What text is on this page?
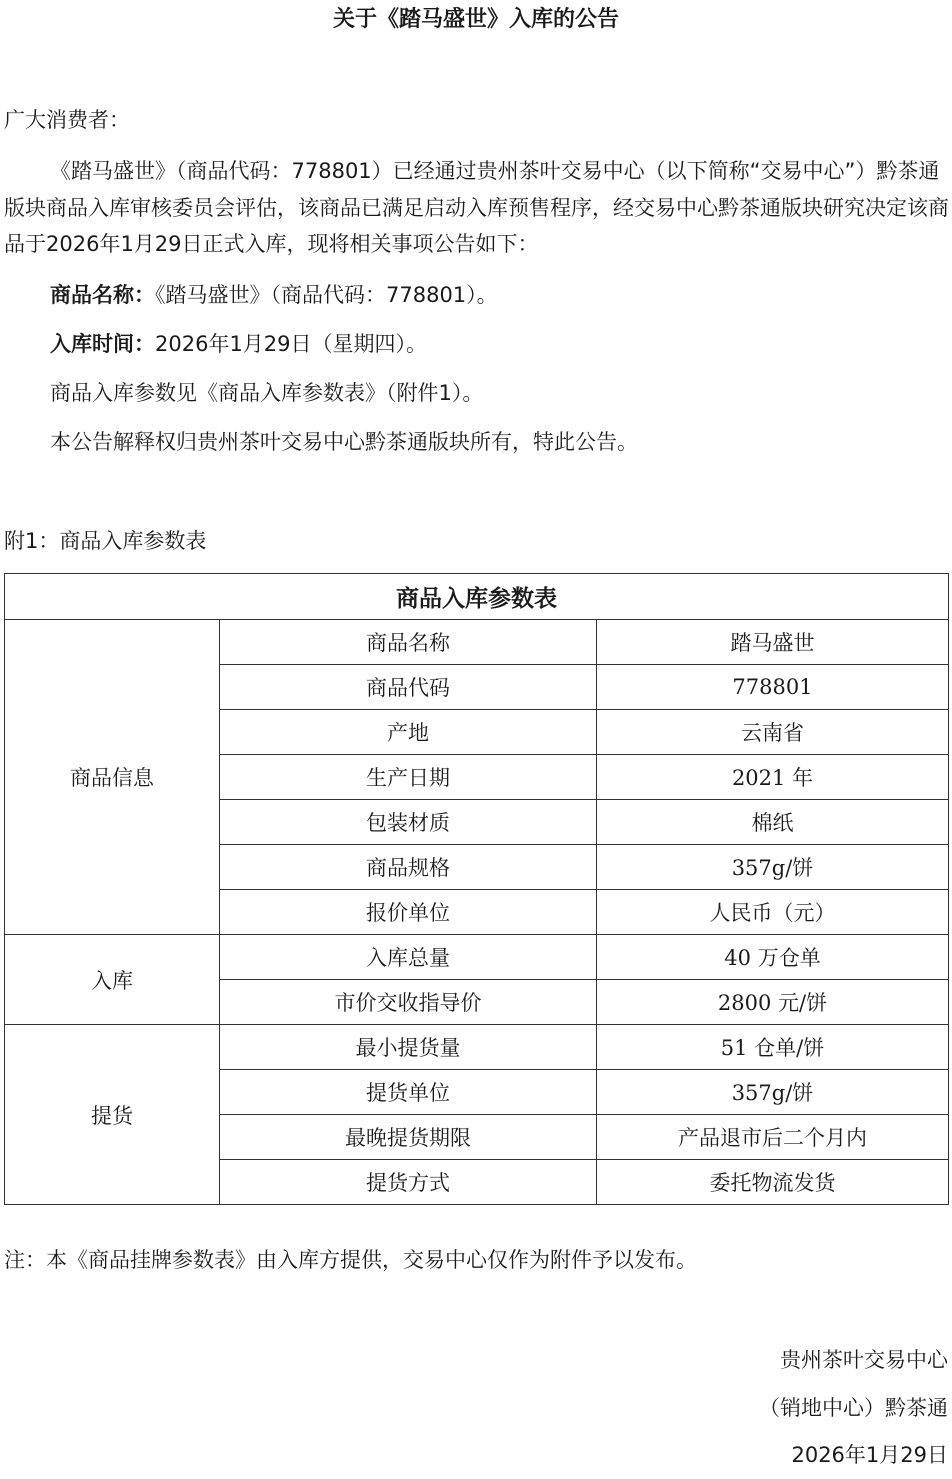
关于《踏马盛世》入库的公告
广大消费者：
《踏马盛世》（商品代码：778801）已经通过贵州茶叶交易中心（以下简称“交易中心”）黔茶通版块商品入库审核委员会评估，该商品已满足启动入库预售程序，经交易中心黔茶通版块研究决定该商品于2026年1月29日正式入库，现将相关事项公告如下：
商品名称：《踏马盛世》（商品代码：778801）。
入库时间：2026年1月29日（星期四）。
商品入库参数见《商品入库参数表》（附件1）。
本公告解释权归贵州茶叶交易中心黔茶通版块所有，特此公告。
附1：商品入库参数表
商品入库参数表		
商品信息	商品名称	踏马盛世
	商品代码	778801
	产地	云南省
	生产日期	2021 年
	包装材质	棉纸
	商品规格	357g/饼
	报价单位	人民币（元）
入库	入库总量	40 万仓单
	市价交收指导价	2800 元/饼
提货	最小提货量	51 仓单/饼
	提货单位	357g/饼
	最晚提货期限	产品退市后二个月内
	提货方式	委托物流发货
注：本《商品挂牌参数表》由入库方提供，交易中心仅作为附件予以发布。
贵州茶叶交易中心
（销地中心）黔茶通
2026年1月29日
